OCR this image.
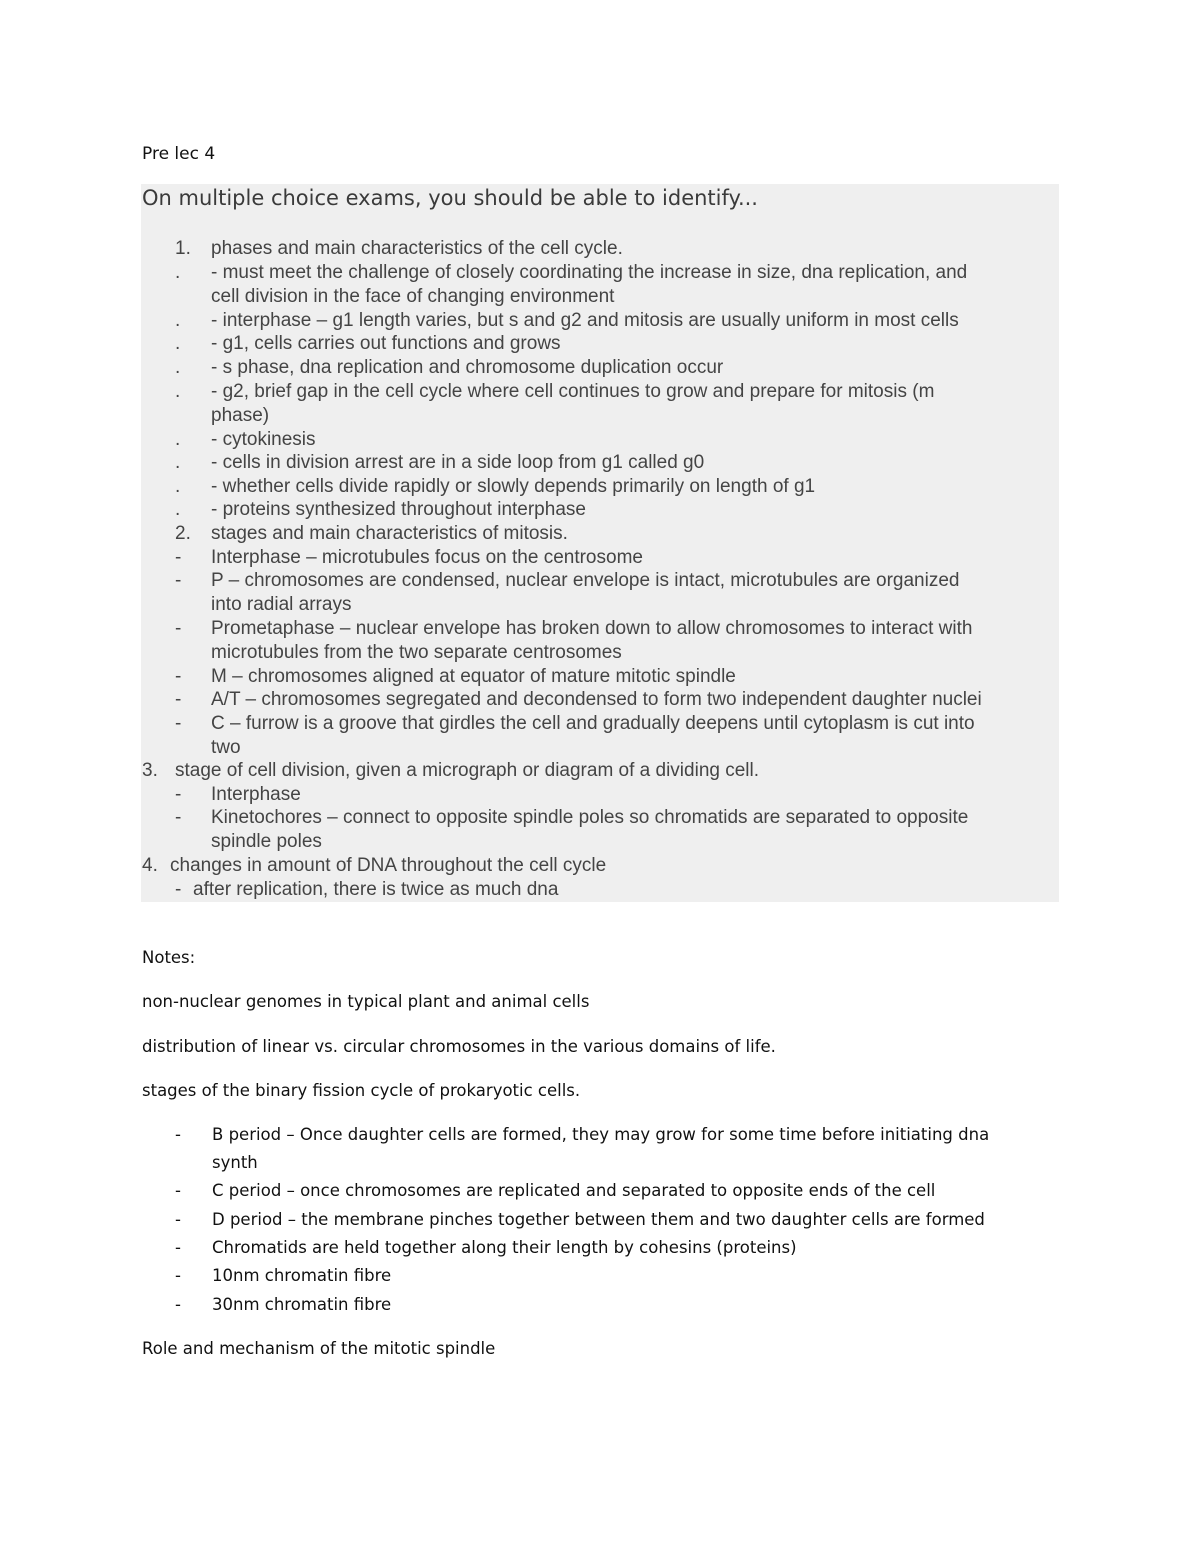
Pre lec 4
On multiple choice exams, you should be able to identify...
1. phases and main characteristics of the cell cycle.
. - must meet the challenge of closely coordinating the increase in size, dna replication, and
cell division in the face of changing environment
. - interphase – g1 length varies, but s and g2 and mitosis are usually uniform in most cells
. - g1, cells carries out functions and grows
. - s phase, dna replication and chromosome duplication occur
. - g2, brief gap in the cell cycle where cell continues to grow and prepare for mitosis (m
phase)
. - cytokinesis
. - cells in division arrest are in a side loop from g1 called g0
. - whether cells divide rapidly or slowly depends primarily on length of g1
. - proteins synthesized throughout interphase
2. stages and main characteristics of mitosis.
- Interphase – microtubules focus on the centrosome
- P – chromosomes are condensed, nuclear envelope is intact, microtubules are organized
into radial arrays
- Prometaphase – nuclear envelope has broken down to allow chromosomes to interact with
microtubules from the two separate centrosomes
- M – chromosomes aligned at equator of mature mitotic spindle
- A/T – chromosomes segregated and decondensed to form two independent daughter nuclei
- C – furrow is a groove that girdles the cell and gradually deepens until cytoplasm is cut into
two
3. stage of cell division, given a micrograph or diagram of a dividing cell.
- Interphase
- Kinetochores – connect to opposite spindle poles so chromatids are separated to opposite
spindle poles
4. changes in amount of DNA throughout the cell cycle
- after replication, there is twice as much dna
Notes:
non-nuclear genomes in typical plant and animal cells
distribution of linear vs. circular chromosomes in the various domains of life.
stages of the binary fission cycle of prokaryotic cells.
- B period – Once daughter cells are formed, they may grow for some time before initiating dna
synth
- C period – once chromosomes are replicated and separated to opposite ends of the cell
- D period – the membrane pinches together between them and two daughter cells are formed
- Chromatids are held together along their length by cohesins (proteins)
- 10nm chromatin fibre
- 30nm chromatin fibre
Role and mechanism of the mitotic spindle
